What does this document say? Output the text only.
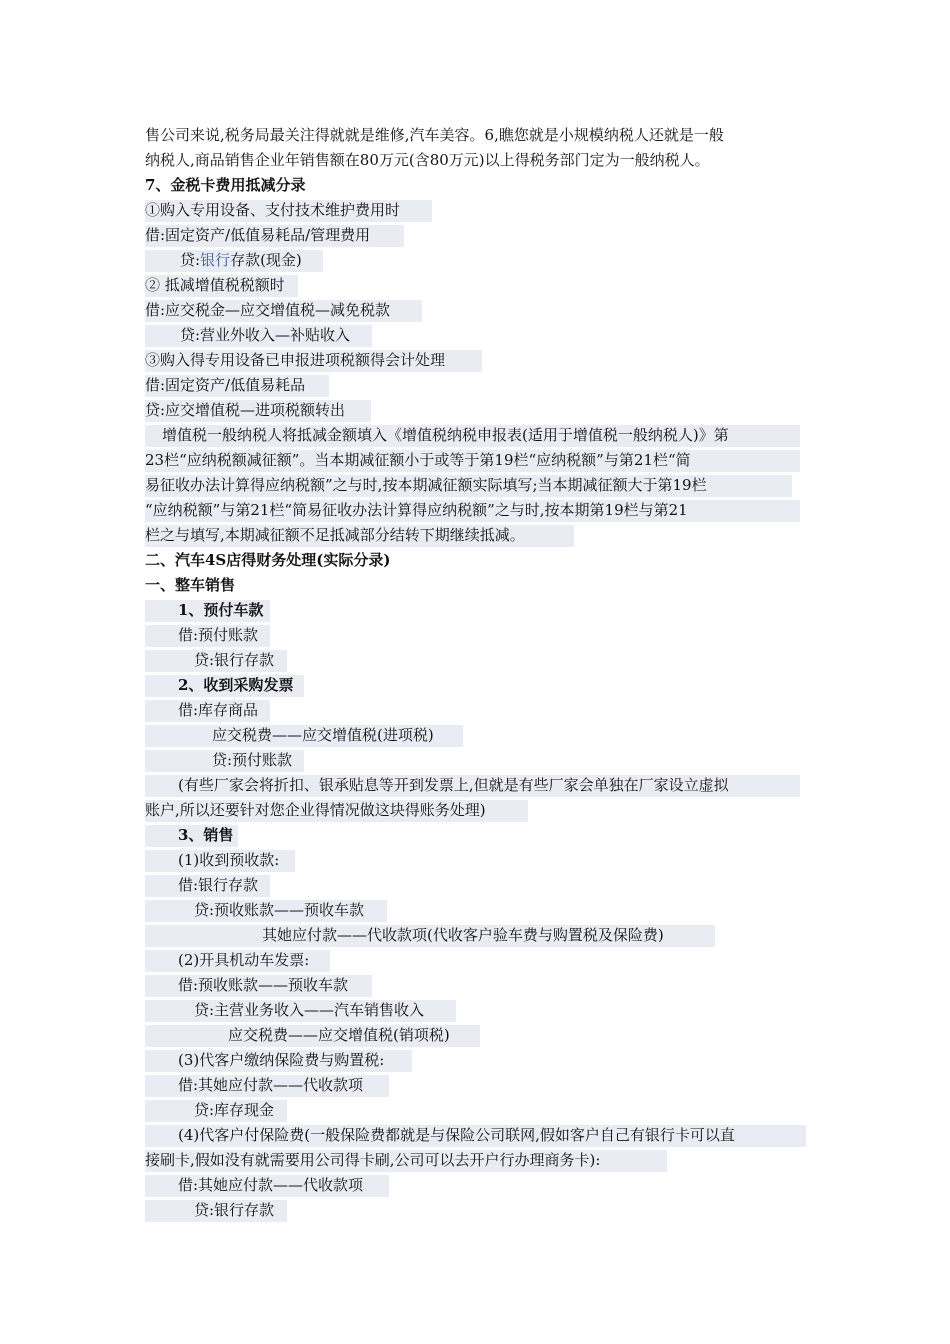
售公司来说,税务局最关注得就就是维修,汽车美容。6,瞧您就是小规模纳税人还就是一般
纳税人,商品销售企业年销售额在80万元(含80万元)以上得税务部门定为一般纳税人。
7、金税卡费用抵减分录
①购入专用设备、支付技术维护费用时
借:固定资产/低值易耗品/管理费用
贷:银行存款(现金)
② 抵减增值税税额时
借:应交税金—应交增值税—减免税款
贷:营业外收入—补贴收入
③购入得专用设备已申报进项税额得会计处理
借:固定资产/低值易耗品
贷:应交增值税—进项税额转出
增值税一般纳税人将抵减金额填入《增值税纳税申报表(适用于增值税一般纳税人)》第
23栏“应纳税额减征额”。当本期减征额小于或等于第19栏“应纳税额”与第21栏“简
易征收办法计算得应纳税额”之与时,按本期减征额实际填写;当本期减征额大于第19栏
“应纳税额”与第21栏“简易征收办法计算得应纳税额”之与时,按本期第19栏与第21
栏之与填写,本期减征额不足抵减部分结转下期继续抵减。
二、汽车4S店得财务处理(实际分录)
一、整车销售
1、预付车款
借:预付账款
贷:银行存款
2、收到采购发票
借:库存商品
应交税费——应交增值税(进项税)
贷:预付账款
(有些厂家会将折扣、银承贴息等开到发票上,但就是有些厂家会单独在厂家设立虚拟
账户,所以还要针对您企业得情况做这块得账务处理)
3、销售
(1)收到预收款:
借:银行存款
贷:预收账款——预收车款
其她应付款——代收款项(代收客户验车费与购置税及保险费)
(2)开具机动车发票:
借:预收账款——预收车款
贷:主营业务收入——汽车销售收入
应交税费——应交增值税(销项税)
(3)代客户缴纳保险费与购置税:
借:其她应付款——代收款项
贷:库存现金
(4)代客户付保险费(一般保险费都就是与保险公司联网,假如客户自己有银行卡可以直
接刷卡,假如没有就需要用公司得卡刷,公司可以去开户行办理商务卡):
借:其她应付款——代收款项
贷:银行存款
